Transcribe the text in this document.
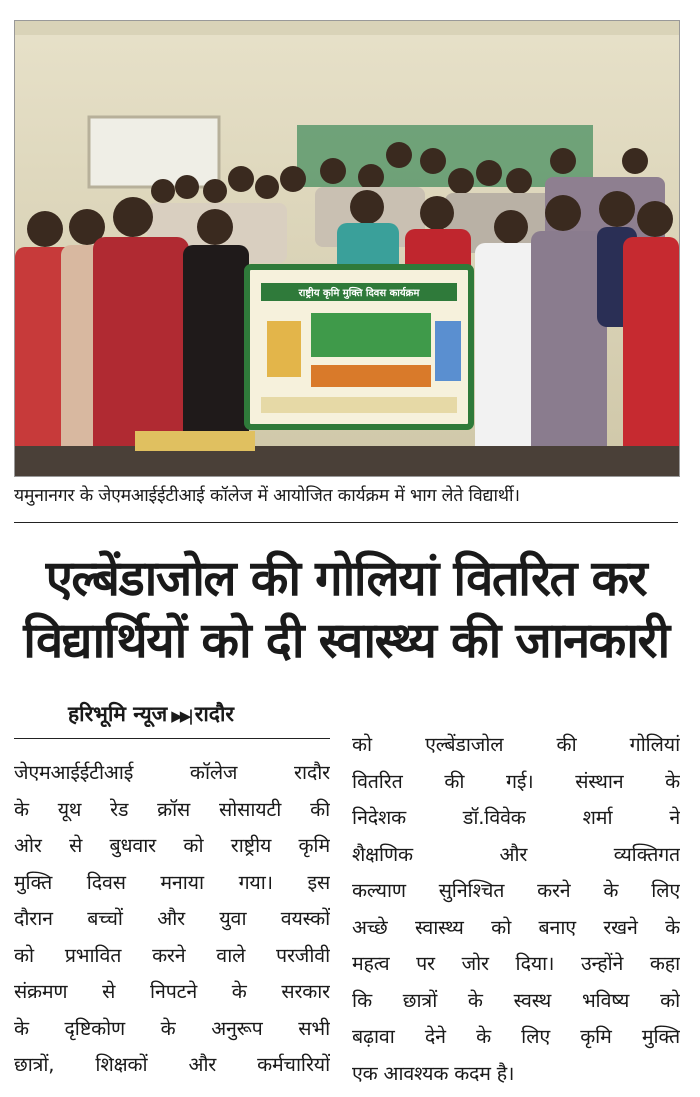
राष्ट्रीय कृमि मुक्ति दिवस कार्यक्रम
यमुनानगर के जेएमआईईटीआई कॉलेज में आयोजित कार्यक्रम में भाग लेते विद्यार्थी।
एल्बेंडाजोल की गोलियां वितरित कर
विद्यार्थियों को दी स्वास्थ्य की जानकारी
हरिभूमि न्यूज ▶▶| रादौर
जेएमआईईटीआई कॉलेज रादौर
के यूथ रेड क्रॉस सोसायटी की
ओर से बुधवार को राष्ट्रीय कृमि
मुक्ति दिवस मनाया गया। इस
दौरान बच्चों और युवा वयस्कों
को प्रभावित करने वाले परजीवी
संक्रमण से निपटने के सरकार
के दृष्टिकोण के अनुरूप सभी
छात्रों, शिक्षकों और कर्मचारियों
को एल्बेंडाजोल की गोलियां
वितरित की गई। संस्थान के
निदेशक डॉ.विवेक शर्मा ने
शैक्षणिक और व्यक्तिगत
कल्याण सुनिश्चित करने के लिए
अच्छे स्वास्थ्य को बनाए रखने के
महत्व पर जोर दिया। उन्होंने कहा
कि छात्रों के स्वस्थ भविष्य को
बढ़ावा देने के लिए कृमि मुक्ति
एक आवश्यक कदम है।
